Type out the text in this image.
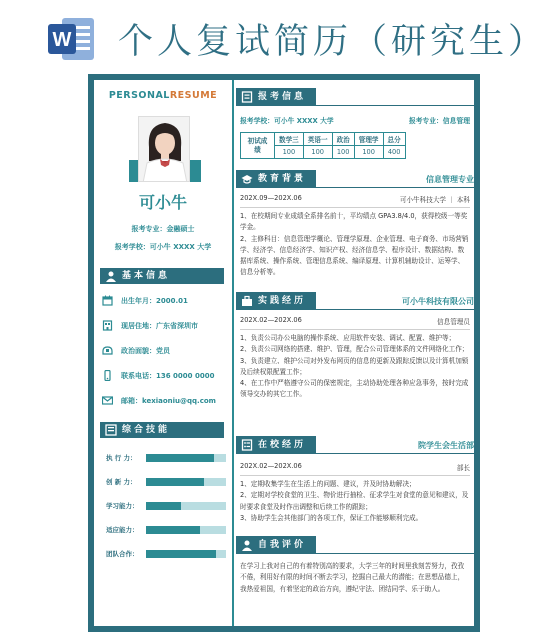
W 个人复试简历（研究生）
PERSONALRESUME
可小牛
报考专业：金融硕士
报考学校：可小牛 XXXX 大学
基本信息
出生年月：2000.01
现居住地：广东省深圳市
政治面貌：党员
联系电话：136 0000 0000
邮箱：kexiaoniu@qq.com
综合技能
执 行 力：
创 新 力：
学习能力：
适应能力：
团队合作：
报考信息
报考学校：可小牛 XXXX 大学	报考专业：信息管理
初试成绩	数学三	英语一	政治	管理学	总分
	100	100	100	100	400
教育背景	信息管理专业
202X.09—202X.06	可小牛科技大学 ｜ 本科
1、在校期间专业成绩全系排名前十，平均绩点 GPA3.8/4.0，获得校级一等奖学金。
2、主修科目：信息管理学概论、管理学原理、企业管理、电子商务、市场营销学、经济学、信息经济学、知识产权、经济信息学、程序设计、数据结构、数据库系统、操作系统、管理信息系统、编译原理、计算机辅助设计、运筹学、信息分析等。
实践经历	可小牛科技有限公司
202X.02—202X.06	信息管理员
1、负责公司办公电脑的操作系统、应用软件安装、调试、配置、维护等；
2、负责公司网络的搭建、维护、管理，配合公司管理体系的文件网络化工作；
3、负责建立、维护公司对外发布网页的信息的更新及跟踪反馈以及计算机加锁及后续权限配置工作；
4、在工作中严格遵守公司的保密规定，主动协助处理各种应急事务，按时完成领导交办的其它工作。
在校经历	院学生会生活部
202X.02—202X.06	部长
1、定期收集学生在生活上的问题、建议，并及时协助解决；
2、定期对学校食堂的卫生、物价进行抽检、征求学生对食堂的意见和建议，及时要求食堂及时作出调整和后续工作的跟踪；
3、协助学生会其他部门的各项工作，保证工作能够顺利完成。
自我评价
在学习上我对自己的有着特别高的要求，大学三年的时间里我刻苦努力，孜孜不倦，利用好有限的时间不断去学习，挖掘自己最大的潜能；在思想品德上，我热爱祖国，有着坚定的政治方向，遵纪守法、团结同学、乐于助人。
